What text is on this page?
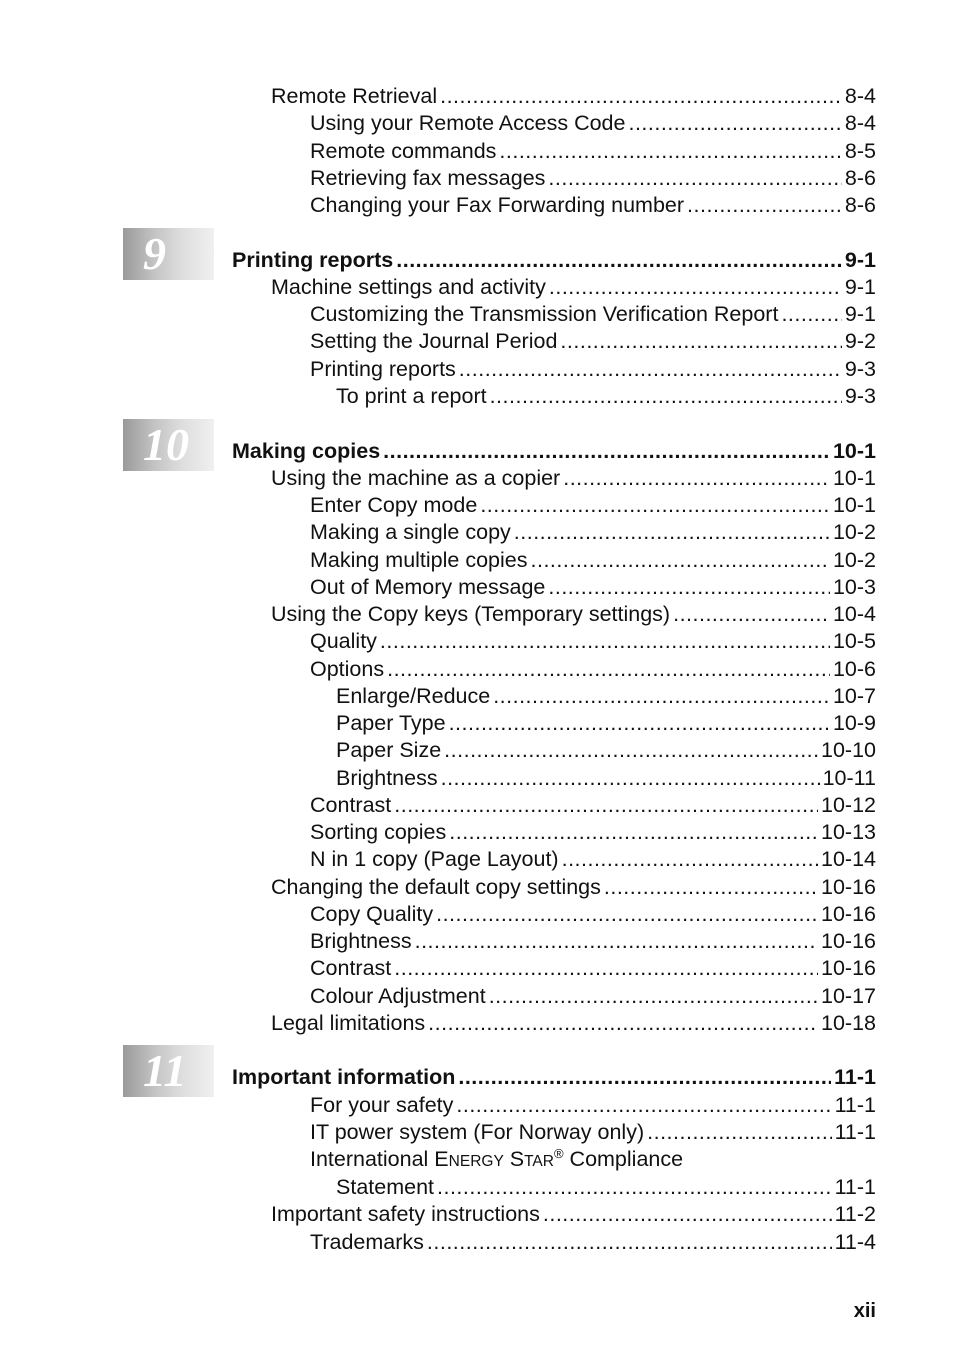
Remote Retrieval .....	8-4
Using your Remote Access Code .....	8-4
Remote commands .....	8-5
Retrieving fax messages .....	8-6
Changing your Fax Forwarding number .....	8-6
9	Printing reports .....	9-1
Machine settings and activity .....	9-1
Customizing the Transmission Verification Report .....	9-1
Setting the Journal Period .....	9-2
Printing reports .....	9-3
To print a report .....	9-3
10	Making copies .....	10-1
Using the machine as a copier .....	10-1
Enter Copy mode .....	10-1
Making a single copy .....	10-2
Making multiple copies .....	10-2
Out of Memory message .....	10-3
Using the Copy keys (Temporary settings) .....	10-4
Quality .....	10-5
Options .....	10-6
Enlarge/Reduce .....	10-7
Paper Type .....	10-9
Paper Size .....	10-10
Brightness .....	10-11
Contrast .....	10-12
Sorting copies .....	10-13
N in 1 copy (Page Layout) .....	10-14
Changing the default copy settings .....	10-16
Copy Quality .....	10-16
Brightness .....	10-16
Contrast .....	10-16
Colour Adjustment .....	10-17
Legal limitations .....	10-18
11	Important information .....	11-1
For your safety .....	11-1
IT power system (For Norway only) .....	11-1
International ENERGY STAR® Compliance
Statement .....	11-1
Important safety instructions .....	11-2
Trademarks .....	11-4
xii
